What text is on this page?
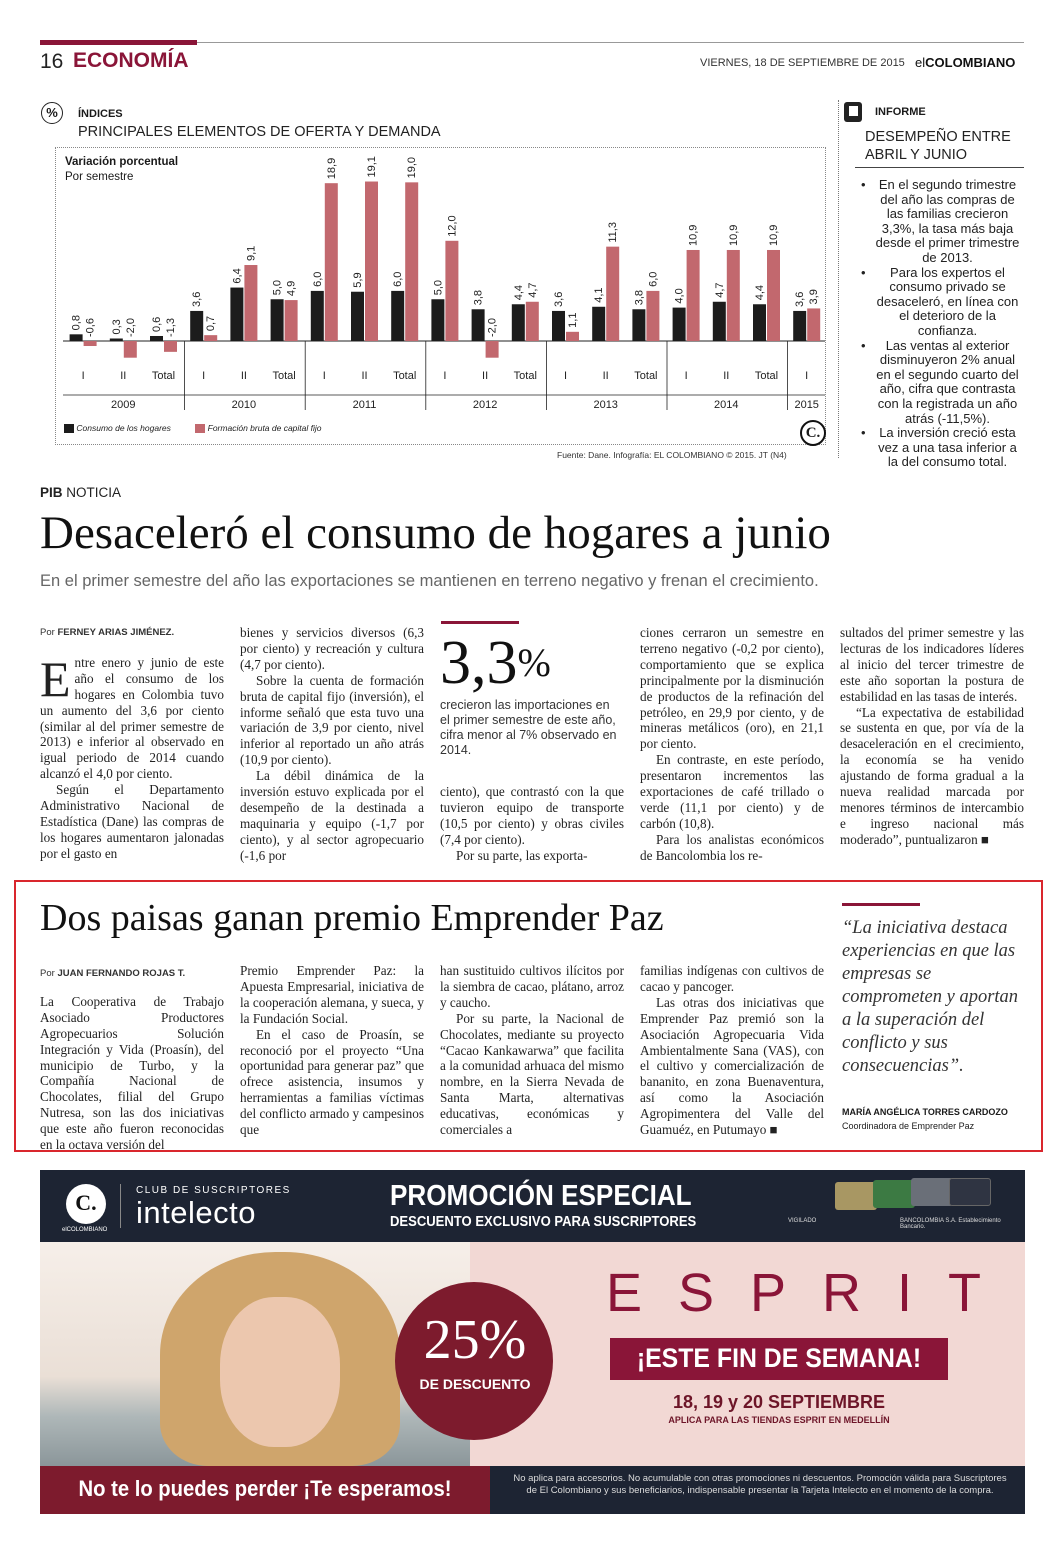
16 ECONOMÍA	VIERNES, 18 DE SEPTIEMBRE DE 2015 elCOLOMBIANO
%	ÍNDICES
PRINCIPALES ELEMENTOS DE OFERTA Y DEMANDA
Variación porcentual
Por semestre
0,8 -0,6
I
0,3 -2,0
II
0,6 -1,3
Total
2009
3,6
0,7
I
6,4
9,1
II
5,0 4,9
Total
2010
6,0
18,9
I
5,9
19,1
II
6,0
19,0
Total
2011
5,0
12,0
I
3,8
-2,0
II
4,4 4,7
Total
2012
3,6
1,1
I
4,1
11,3
II
3,8
6,0
Total
2013
4,0
10,9
I
4,7
10,9
II
4,4
10,9
Total
2014
3,6 3,9
I
2015
Consumo de los hogares	Formación bruta de capital fijo	C.
Fuente: Dane. Infografía: EL COLOMBIANO © 2015. JT (N4)
INFORME
DESEMPEÑO ENTRE ABRIL Y JUNIO
• En el segundo trimestre del año las compras de las familias crecieron 3,3%, la tasa más baja desde el primer trimestre de 2013.
• Para los expertos el consumo privado se desaceleró, en línea con el deterioro de la confianza.
• Las ventas al exterior disminuyeron 2% anual en el segundo cuarto del año, cifra que contrasta con la registrada un año atrás (-11,5%).
• La inversión creció esta vez a una tasa inferior a la del consumo total.
PIB NOTICIA
Desaceleró el consumo de hogares a junio
En el primer semestre del año las exportaciones se mantienen en terreno negativo y frenan el crecimiento.
Por FERNEY ARIAS JIMÉNEZ.

Entre enero y junio de este año el consumo de los hogares en Colombia tuvo un aumento del 3,6 por ciento (similar al del primer semestre de 2013) e inferior al observado en igual periodo de 2014 cuando alcanzó el 4,0 por ciento.

Según el Departamento Administrativo Nacional de Estadística (Dane) las compras de los hogares aumentaron jalonadas por el gasto en

bienes y servicios diversos (6,3 por ciento) y recreación y cultura (4,7 por ciento).

Sobre la cuenta de formación bruta de capital fijo (inversión), el informe señaló que esta tuvo una variación de 3,9 por ciento, nivel inferior al reportado un año atrás (10,9 por ciento).

La débil dinámica de la inversión estuvo explicada por el desempeño de la destinada a maquinaria y equipo (-1,7 por ciento), y al sector agropecuario (-1,6 por

3,3%
crecieron las importaciones en el primer semestre de este año, cifra menor al 7% observado en 2014.

ciento), que contrastó con la que tuvieron equipo de transporte (10,5 por ciento) y obras civiles (7,4 por ciento).

Por su parte, las exporta-

ciones cerraron un semestre en terreno negativo (-0,2 por ciento), comportamiento que se explica principalmente por la disminución de productos de la refinación del petróleo, en 29,9 por ciento, y de mineras metálicos (oro), en 21,1 por ciento.

En contraste, en este período, presentaron incrementos las exportaciones de café trillado o verde (11,1 por ciento) y de carbón (10,8).

Para los analistas económicos de Bancolombia los re-

sultados del primer semestre y las lecturas de los indicadores líderes al inicio del tercer trimestre de este año soportan la postura de estabilidad en las tasas de interés.

“La expectativa de estabilidad se sustenta en que, por vía de la desaceleración en el crecimiento, la economía se ha venido ajustando de forma gradual a la nueva realidad marcada por menores términos de intercambio e ingreso nacional más moderado”, puntualizaron ■

Dos paisas ganan premio Emprender Paz
Por JUAN FERNANDO ROJAS T.

La Cooperativa de Trabajo Asociado Productores Agropecuarios Solución Integración y Vida (Proasín), del municipio de Turbo, y la Compañía Nacional de Chocolates, filial del Grupo Nutresa, son las dos iniciativas que este año fueron reconocidas en la octava versión del

Premio Emprender Paz: la Apuesta Empresarial, iniciativa de la cooperación alemana, y sueca, y la Fundación Social.

En el caso de Proasín, se reconoció por el proyecto “Una oportunidad para generar paz” que ofrece asistencia, insumos y herramientas a familias víctimas del conflicto armado y campesinos que

han sustituido cultivos ilícitos por la siembra de cacao, plátano, arroz y caucho.

Por su parte, la Nacional de Chocolates, mediante su proyecto “Cacao Kankawarwa” que facilita a la comunidad arhuaca del mismo nombre, en la Sierra Nevada de Santa Marta, alternativas educativas, económicas y comerciales a

familias indígenas con cultivos de cacao y pancoger.

Las otras dos iniciativas que Emprender Paz premió son la Asociación Agropecuaria Vida Ambientalmente Sana (VAS), con el cultivo y comercialización de bananito, en zona Buenaventura, así como la Asociación Agropimentera del Valle del Guamuéz, en Putumayo ■

“La iniciativa destaca experiencias en que las empresas se comprometen y aportan a la superación del conflicto y sus consecuencias”.
MARÍA ANGÉLICA TORRES CARDOZO
Coordinadora de Emprender Paz
C.
elCOLOMBIANO
CLUB DE SUSCRIPTORES
intelecto	PROMOCIÓN ESPECIAL
DESCUENTO EXCLUSIVO PARA SUSCRIPTORES	VIGILADO	BANCOLOMBIA S.A. Establecimiento Bancario.
25%
DE DESCUENTO
ESPRIT
¡ESTE FIN DE SEMANA!
18, 19 y 20 SEPTIEMBRE
APLICA PARA LAS TIENDAS ESPRIT EN MEDELLÍN
No te lo puedes perder ¡Te esperamos!	No aplica para accesorios. No acumulable con otras promociones ni descuentos. Promoción válida para Suscriptores de El Colombiano y sus beneficiarios, indispensable presentar la Tarjeta Intelecto en el momento de la compra.
